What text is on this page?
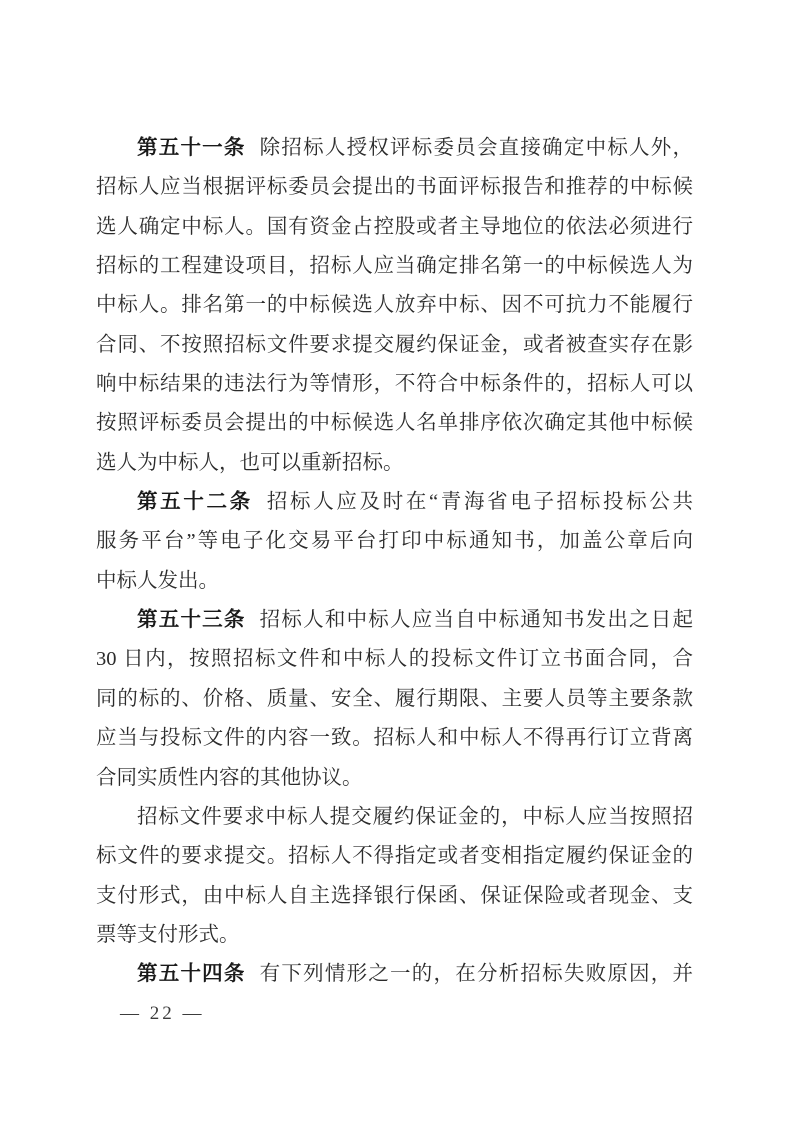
第五十一条 除招标人授权评标委员会直接确定中标人外，
招标人应当根据评标委员会提出的书面评标报告和推荐的中标候
选人确定中标人。国有资金占控股或者主导地位的依法必须进行
招标的工程建设项目，招标人应当确定排名第一的中标候选人为
中标人。排名第一的中标候选人放弃中标、因不可抗力不能履行
合同、不按照招标文件要求提交履约保证金，或者被查实存在影
响中标结果的违法行为等情形，不符合中标条件的，招标人可以
按照评标委员会提出的中标候选人名单排序依次确定其他中标候
选人为中标人，也可以重新招标。
第五十二条 招标人应及时在“青海省电子招标投标公共
服务平台”等电子化交易平台打印中标通知书，加盖公章后向
中标人发出。
第五十三条 招标人和中标人应当自中标通知书发出之日起
30 日内，按照招标文件和中标人的投标文件订立书面合同，合
同的标的、价格、质量、安全、履行期限、主要人员等主要条款
应当与投标文件的内容一致。招标人和中标人不得再行订立背离
合同实质性内容的其他协议。
招标文件要求中标人提交履约保证金的，中标人应当按照招
标文件的要求提交。招标人不得指定或者变相指定履约保证金的
支付形式，由中标人自主选择银行保函、保证保险或者现金、支
票等支付形式。
第五十四条 有下列情形之一的，在分析招标失败原因，并
— 22 —
